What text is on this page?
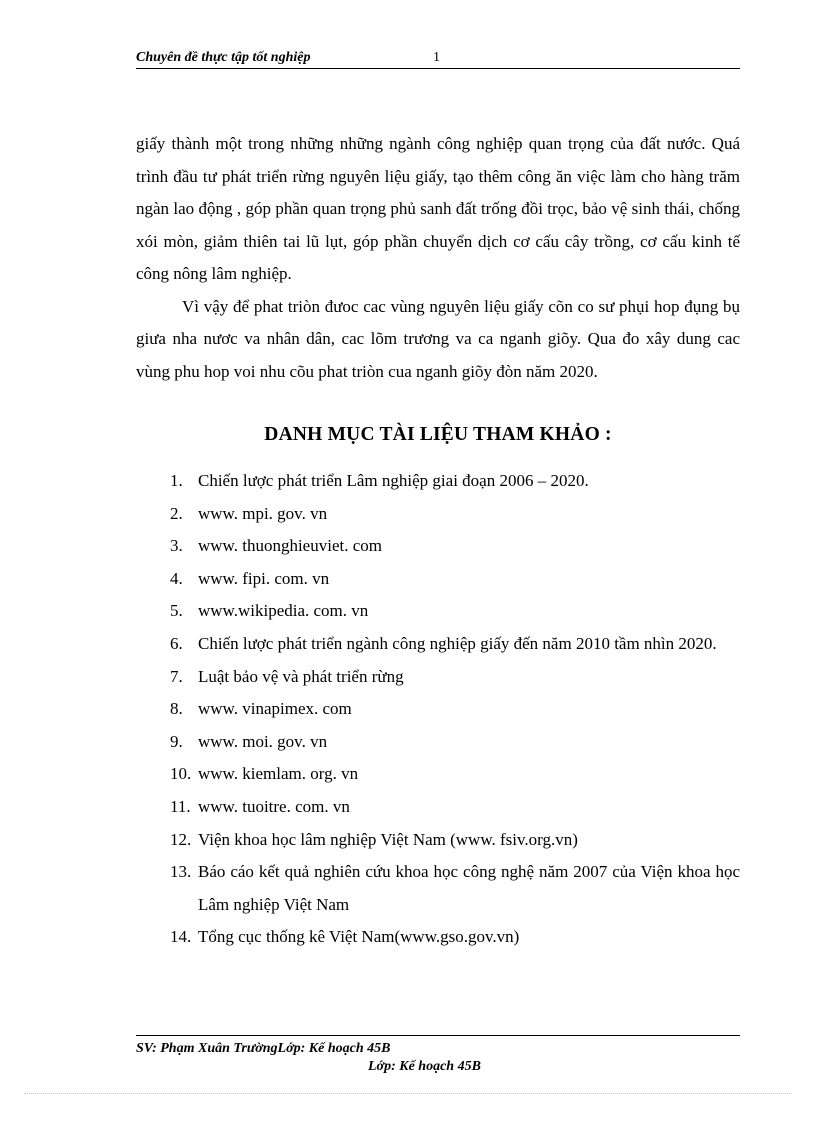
Chuyên đề thực tập tốt nghiệp	1

giấy thành một trong những những ngành công nghiệp quan trọng của đất nước. Quá trình đầu tư phát triển rừng nguyên liệu giấy, tạo thêm công ăn việc làm cho hàng trăm ngàn lao động , góp phần quan trọng phủ sanh đất trống đồi trọc, bảo vệ sinh thái, chống xói mòn, giảm thiên tai lũ lụt, góp phần chuyển dịch cơ cấu cây trồng, cơ cấu kinh tế công nông lâm nghiệp.

Vì vậy để phat triòn đưoc cac vùng nguyên liệu giấy cõn co sư phụi hop đụng bụ giưa nha nươc va nhân dân, cac lõm trương va ca nganh giõy. Qua đo xây dung cac vùng phu hop voi nhu cõu phat triòn cua nganh giõy đòn năm 2020.

DANH MỤC TÀI LIỆU THAM KHẢO :
1. Chiến lược phát triển Lâm nghiệp giai đoạn 2006 – 2020.
2. www. mpi. gov. vn
3. www. thuonghieuviet. com
4. www. fipi. com. vn
5. www.wikipedia. com. vn
6. Chiến lược phát triển ngành công nghiệp giấy đến năm 2010 tầm nhìn 2020.
7. Luật bảo vệ và phát triển rừng
8. www. vinapimex. com
9. www. moi. gov. vn
10. www. kiemlam. org. vn
11. www. tuoitre. com. vn
12. Viện khoa học lâm nghiệp Việt Nam (www. fsiv.org.vn)
13. Báo cáo kết quả nghiên cứu khoa học công nghệ năm 2007 của Viện khoa học Lâm nghiệp Việt Nam
14. Tổng cục thống kê Việt Nam(www.gso.gov.vn)
SV: Phạm Xuân TrườngLớp: Kế hoạch 45B
Lớp: Kế hoạch 45B
